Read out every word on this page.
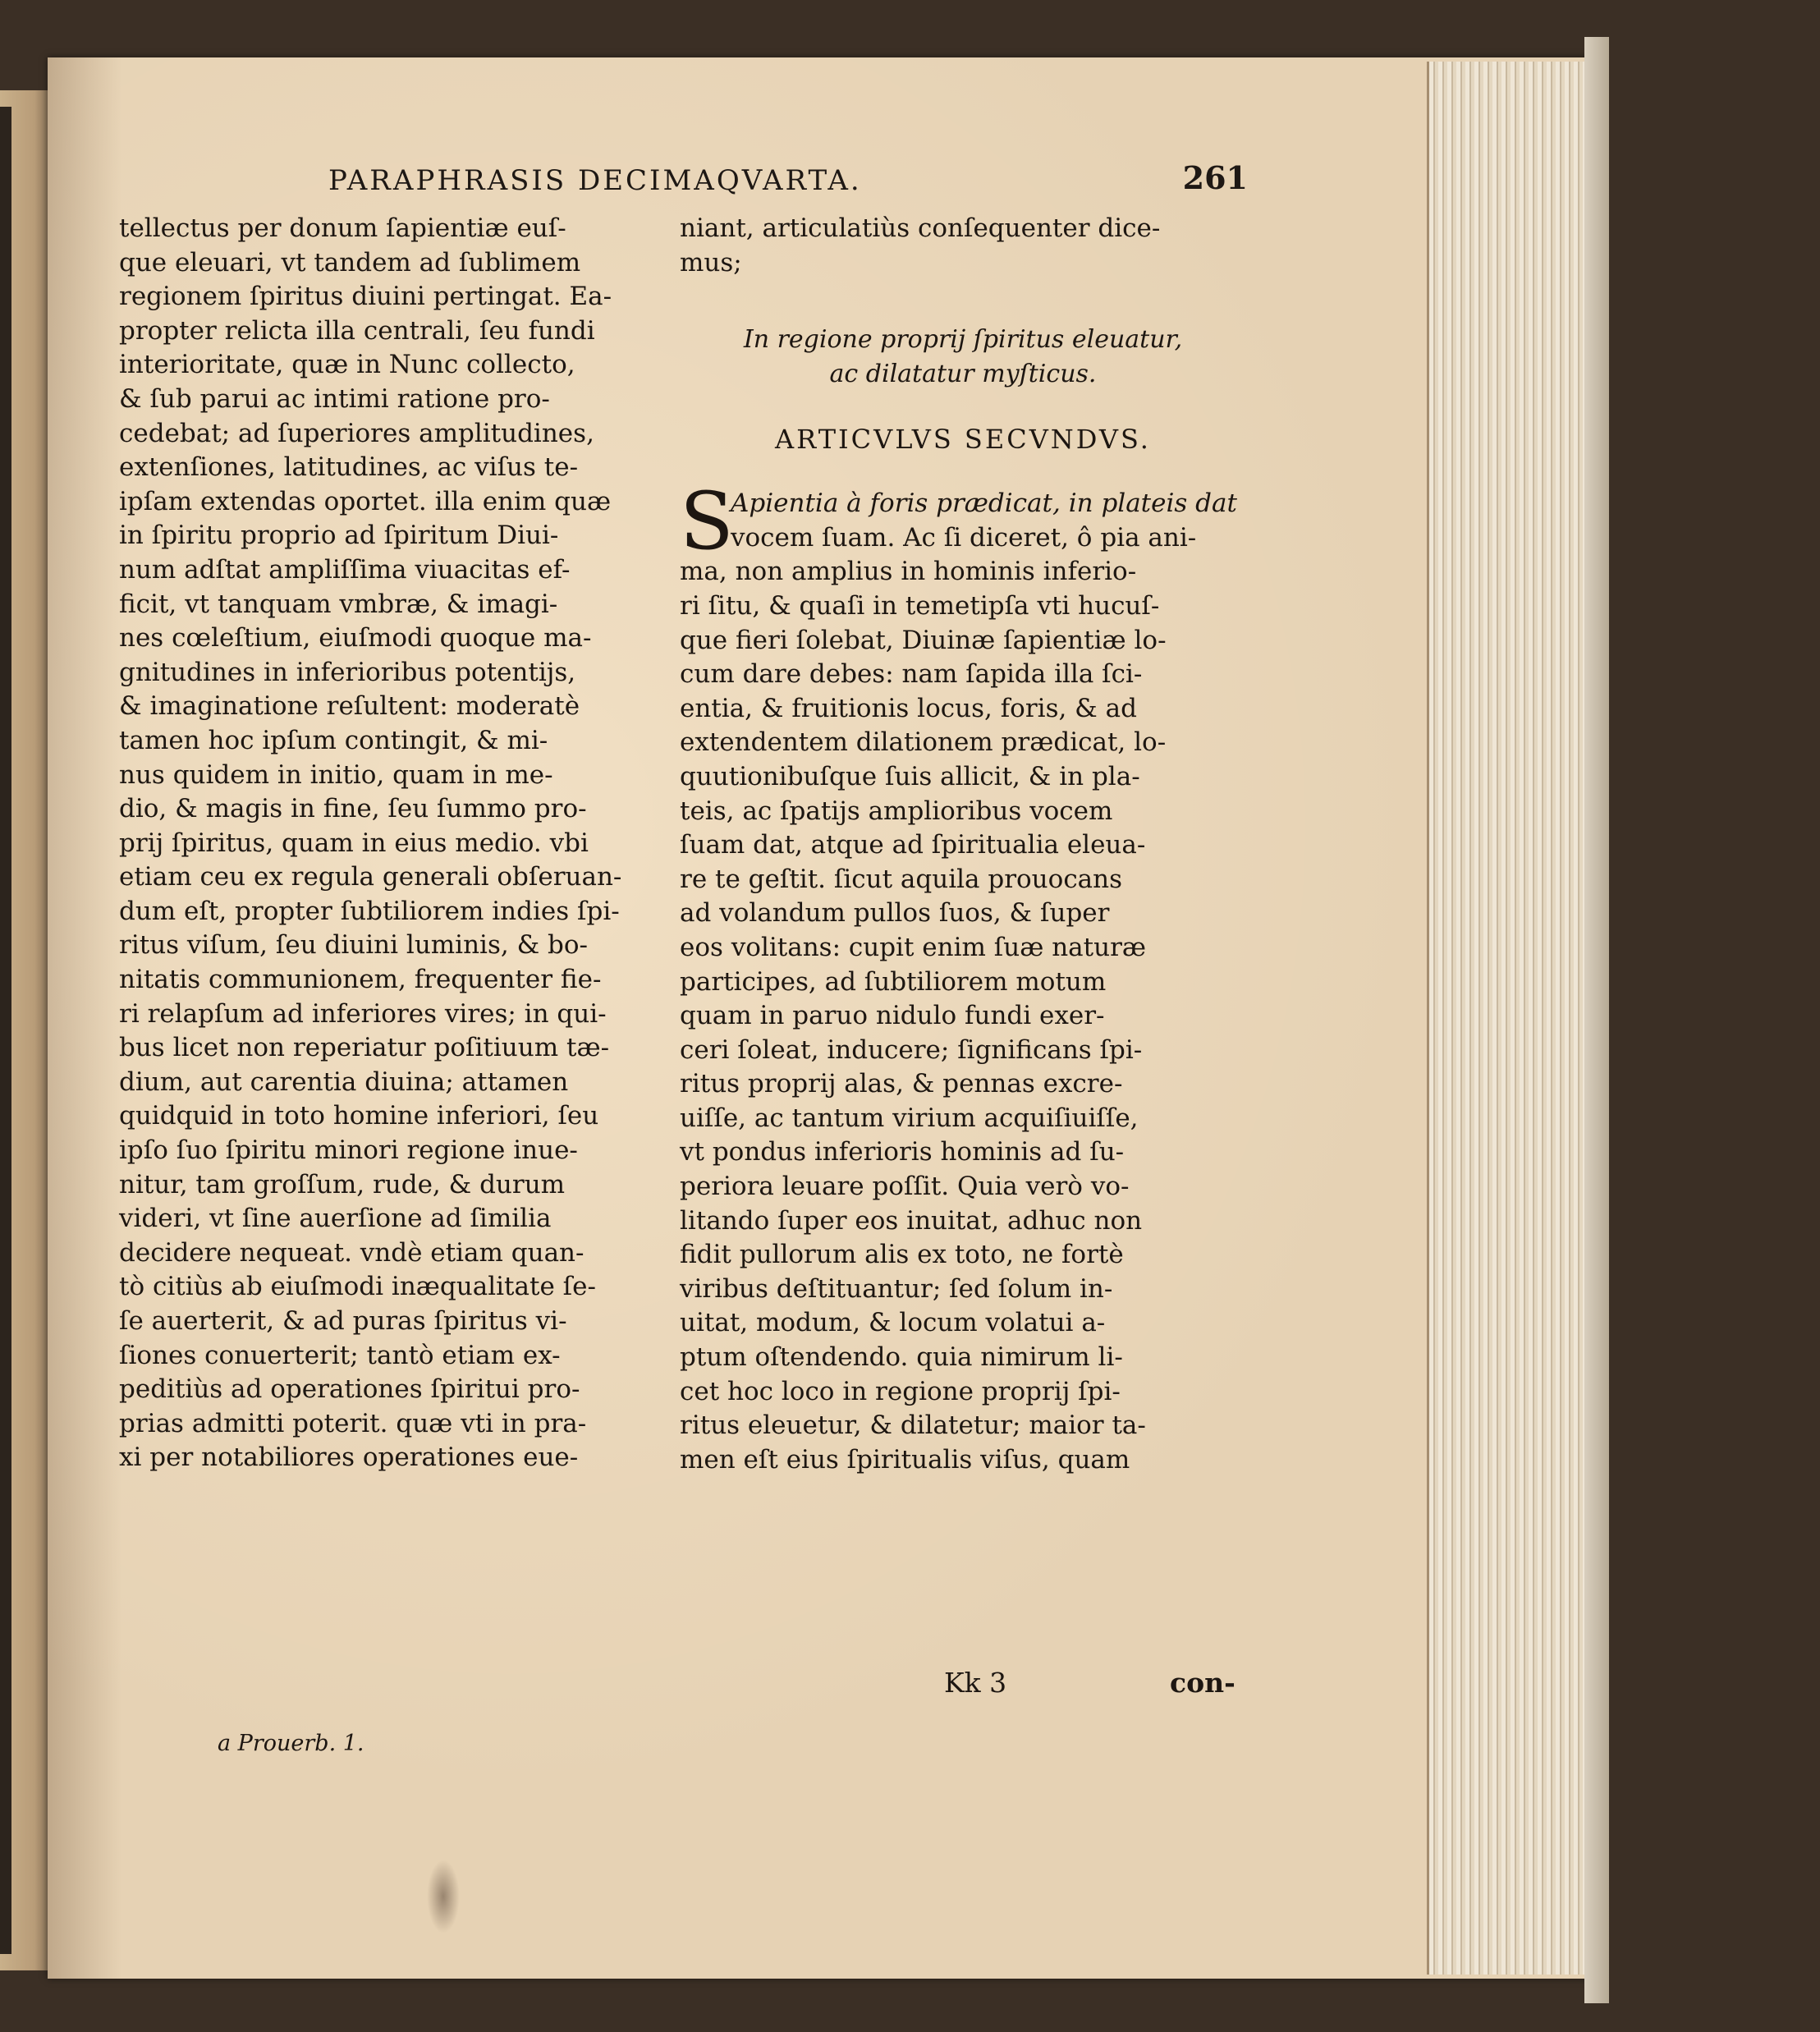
PARAPHRASIS DECIMAQVARTA.	261
tellectus per donum ſapientiæ euſ-
que eleuari, vt tandem ad ſublimem
regionem ſpiritus diuini pertingat. Ea-
propter relicta illa centrali, ſeu fundi
interioritate, quæ in Nunc collecto,
& ſub parui ac intimi ratione pro-
cedebat; ad ſuperiores amplitudines,
extenſiones, latitudines, ac viſus te-
ipſam extendas oportet. illa enim quæ
in ſpiritu proprio ad ſpiritum Diui-
num adſtat ampliſſima viuacitas ef-
ficit, vt tanquam vmbræ, & imagi-
nes cœleſtium, eiuſmodi quoque ma-
gnitudines in inferioribus potentijs,
& imaginatione reſultent: moderatè
tamen hoc ipſum contingit, & mi-
nus quidem in initio, quam in me-
dio, & magis in fine, ſeu ſummo pro-
prij ſpiritus, quam in eius medio. vbi
etiam ceu ex regula generali obſeruan-
dum eſt, propter ſubtiliorem indies ſpi-
ritus viſum, ſeu diuini luminis, & bo-
nitatis communionem, frequenter fie-
ri relapſum ad inferiores vires; in qui-
bus licet non reperiatur poſitiuum tæ-
dium, aut carentia diuina; attamen
quidquid in toto homine inferiori, ſeu
ipſo ſuo ſpiritu minori regione inue-
nitur, tam groſſum, rude, & durum
videri, vt ſine auerſione ad ſimilia
decidere nequeat. vndè etiam quan-
tò citiùs ab eiuſmodi inæqualitate ſe-
ſe auerterit, & ad puras ſpiritus vi-
ſiones conuerterit; tantò etiam ex-
peditiùs ad operationes ſpiritui pro-
prias admitti poterit. quæ vti in pra-
xi per notabiliores operationes eue-
niant, articulatiùs conſequenter dice-
mus;
In regione proprij ſpiritus eleuatur,
ac dilatatur myſticus.
ARTICVLVS SECVNDVS.
S
Apientia à foris prædicat, in plateis dat
vocem ſuam. Ac ſi diceret, ô pia ani-
ma, non amplius in hominis inferio-
ri ſitu, & quaſi in temetipſa vti hucuſ-
que fieri ſolebat, Diuinæ ſapientiæ lo-
cum dare debes: nam ſapida illa ſci-
entia, & fruitionis locus, foris, & ad
extendentem dilationem prædicat, lo-
quutionibuſque ſuis allicit, & in pla-
teis, ac ſpatijs amplioribus vocem
ſuam dat, atque ad ſpiritualia eleua-
re te geſtit. ſicut aquila prouocans
ad volandum pullos ſuos, & ſuper
eos volitans: cupit enim ſuæ naturæ
participes, ad ſubtiliorem motum
quam in paruo nidulo fundi exer-
ceri ſoleat, inducere; ſignificans ſpi-
ritus proprij alas, & pennas excre-
uiſſe, ac tantum virium acquiſiuiſſe,
vt pondus inferioris hominis ad ſu-
periora leuare poſſit. Quia verò vo-
litando ſuper eos inuitat, adhuc non
fidit pullorum alis ex toto, ne fortè
viribus deſtituantur; ſed ſolum in-
uitat, modum, & locum volatui a-
ptum oſtendendo. quia nimirum li-
cet hoc loco in regione proprij ſpi-
ritus eleuetur, & dilatetur; maior ta-
men eſt eius ſpiritualis viſus, quam
Kk 3	con-
a Prouerb. 1.
